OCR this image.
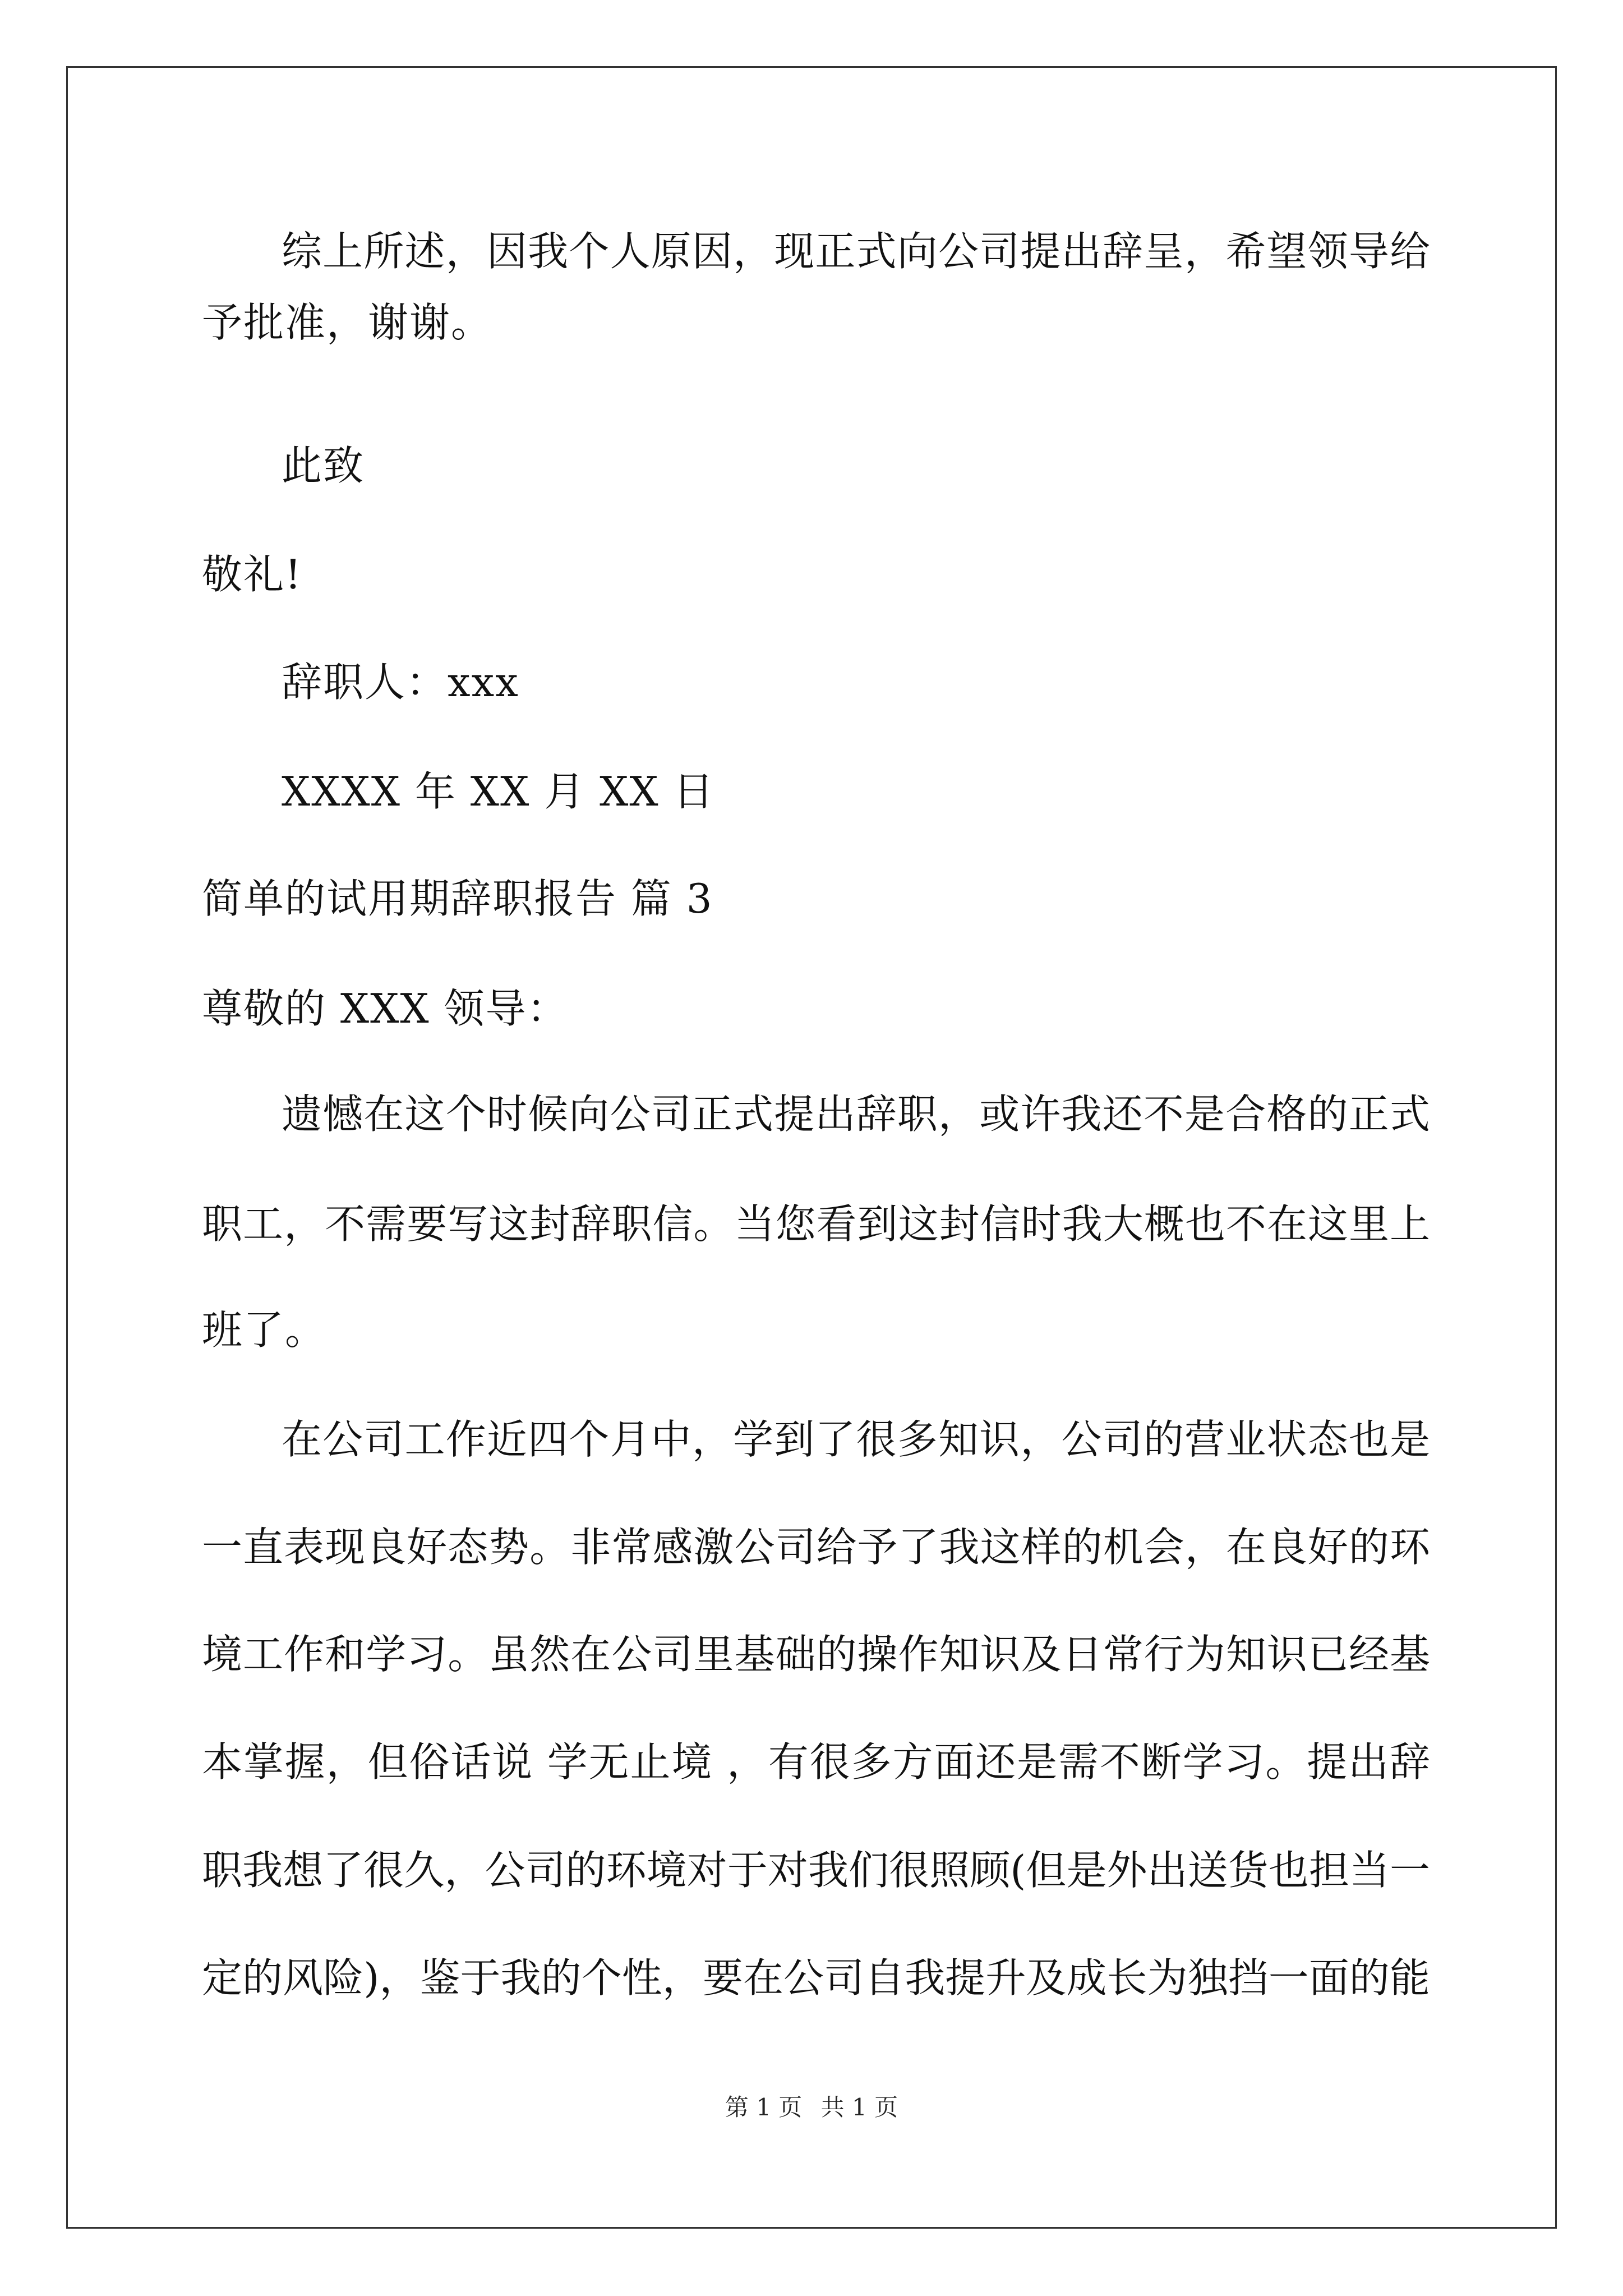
综上所述，因我个人原因，现正式向公司提出辞呈，希望领导给
予批准，谢谢。
此致
敬礼!
辞职人：xxx
XXXX 年 XX 月 XX 日
简单的试用期辞职报告 篇 3
尊敬的 XXX 领导：
遗憾在这个时候向公司正式提出辞职，或许我还不是合格的正式
职工，不需要写这封辞职信。当您看到这封信时我大概也不在这里上
班了。
在公司工作近四个月中，学到了很多知识，公司的营业状态也是
一直表现良好态势。非常感激公司给予了我这样的机会，在良好的环
境工作和学习。虽然在公司里基础的操作知识及日常行为知识已经基
本掌握，但俗话说 学无止境 ，有很多方面还是需不断学习。提出辞
职我想了很久，公司的环境对于对我们很照顾(但是外出送货也担当一
定的风险)，鉴于我的个性，要在公司自我提升及成长为独挡一面的能
第 1 页 共 1 页
